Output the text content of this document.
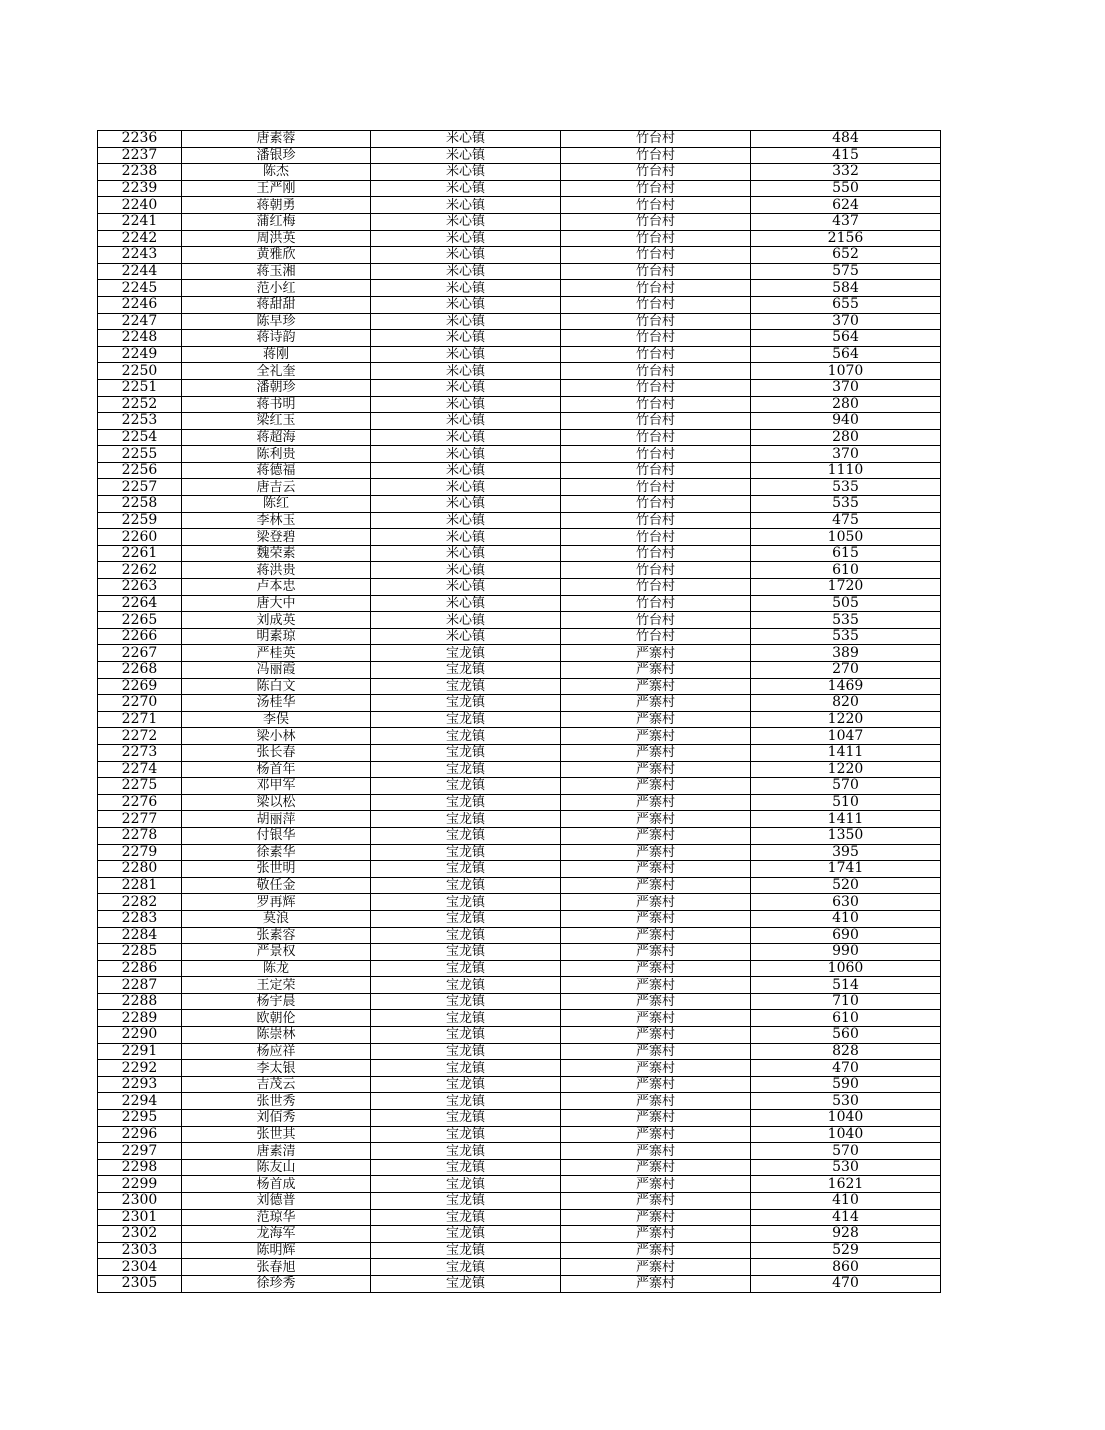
2236	唐素蓉	米心镇	竹台村	484
2237	潘银珍	米心镇	竹台村	415
2238	陈杰	米心镇	竹台村	332
2239	王严刚	米心镇	竹台村	550
2240	蒋朝勇	米心镇	竹台村	624
2241	蒲红梅	米心镇	竹台村	437
2242	周洪英	米心镇	竹台村	2156
2243	黄雅欣	米心镇	竹台村	652
2244	蒋玉湘	米心镇	竹台村	575
2245	范小红	米心镇	竹台村	584
2246	蒋甜甜	米心镇	竹台村	655
2247	陈早珍	米心镇	竹台村	370
2248	蒋诗韵	米心镇	竹台村	564
2249	蒋刚	米心镇	竹台村	564
2250	全礼奎	米心镇	竹台村	1070
2251	潘朝珍	米心镇	竹台村	370
2252	蒋书明	米心镇	竹台村	280
2253	梁红玉	米心镇	竹台村	940
2254	蒋超海	米心镇	竹台村	280
2255	陈利贵	米心镇	竹台村	370
2256	蒋德福	米心镇	竹台村	1110
2257	唐吉云	米心镇	竹台村	535
2258	陈红	米心镇	竹台村	535
2259	李林玉	米心镇	竹台村	475
2260	梁登碧	米心镇	竹台村	1050
2261	魏荣素	米心镇	竹台村	615
2262	蒋洪贵	米心镇	竹台村	610
2263	卢本忠	米心镇	竹台村	1720
2264	唐大中	米心镇	竹台村	505
2265	刘成英	米心镇	竹台村	535
2266	明素琼	米心镇	竹台村	535
2267	严桂英	宝龙镇	严寨村	389
2268	冯丽霞	宝龙镇	严寨村	270
2269	陈白文	宝龙镇	严寨村	1469
2270	汤桂华	宝龙镇	严寨村	820
2271	李俣	宝龙镇	严寨村	1220
2272	梁小林	宝龙镇	严寨村	1047
2273	张长春	宝龙镇	严寨村	1411
2274	杨首年	宝龙镇	严寨村	1220
2275	邓甲军	宝龙镇	严寨村	570
2276	梁以松	宝龙镇	严寨村	510
2277	胡丽萍	宝龙镇	严寨村	1411
2278	付银华	宝龙镇	严寨村	1350
2279	徐素华	宝龙镇	严寨村	395
2280	张世明	宝龙镇	严寨村	1741
2281	敬任金	宝龙镇	严寨村	520
2282	罗再辉	宝龙镇	严寨村	630
2283	莫浪	宝龙镇	严寨村	410
2284	张素容	宝龙镇	严寨村	690
2285	严景权	宝龙镇	严寨村	990
2286	陈龙	宝龙镇	严寨村	1060
2287	王定荣	宝龙镇	严寨村	514
2288	杨宇晨	宝龙镇	严寨村	710
2289	欧朝伦	宝龙镇	严寨村	610
2290	陈崇林	宝龙镇	严寨村	560
2291	杨应祥	宝龙镇	严寨村	828
2292	李太银	宝龙镇	严寨村	470
2293	吉茂云	宝龙镇	严寨村	590
2294	张世秀	宝龙镇	严寨村	530
2295	刘佰秀	宝龙镇	严寨村	1040
2296	张世其	宝龙镇	严寨村	1040
2297	唐素清	宝龙镇	严寨村	570
2298	陈友山	宝龙镇	严寨村	530
2299	杨首成	宝龙镇	严寨村	1621
2300	刘德普	宝龙镇	严寨村	410
2301	范琼华	宝龙镇	严寨村	414
2302	龙海军	宝龙镇	严寨村	928
2303	陈明辉	宝龙镇	严寨村	529
2304	张春旭	宝龙镇	严寨村	860
2305	徐珍秀	宝龙镇	严寨村	470
